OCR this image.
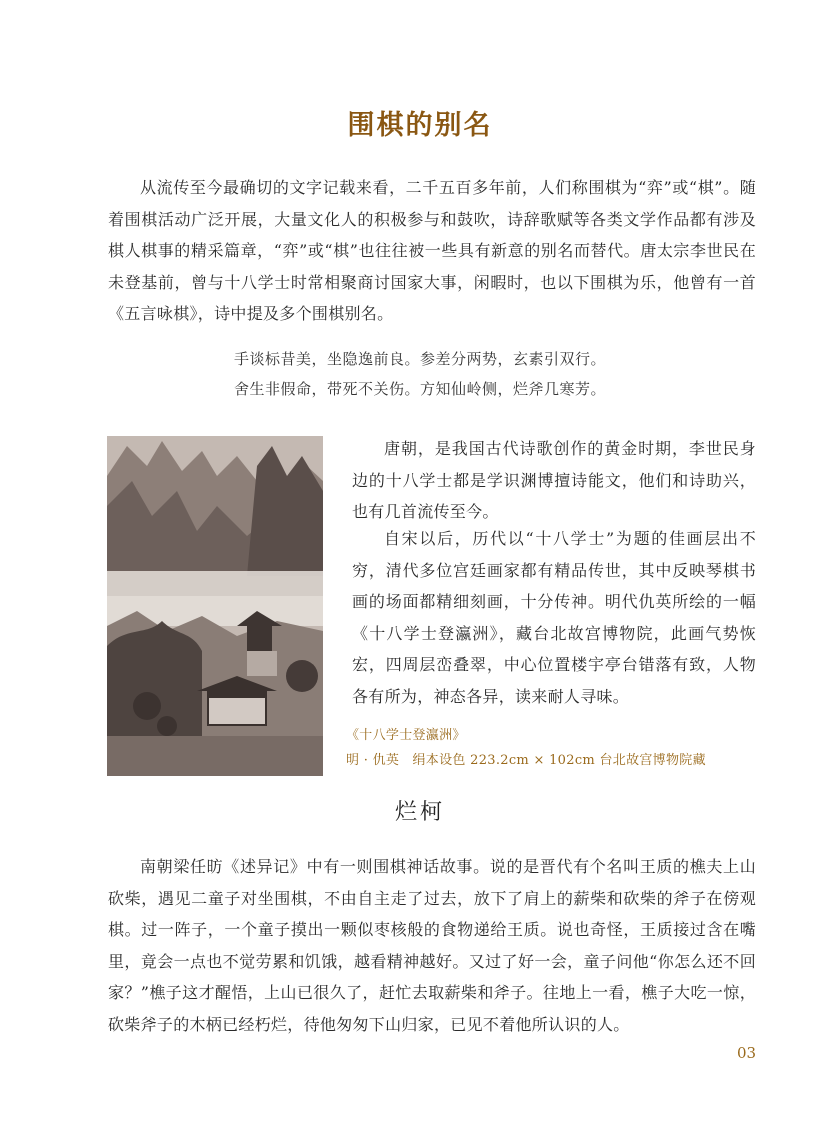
围棋的别名

从流传至今最确切的文字记载来看，二千五百多年前，人们称围棋为“弈”或“棋”。随着围棋活动广泛开展，大量文化人的积极参与和鼓吹，诗辞歌赋等各类文学作品都有涉及棋人棋事的精采篇章，“弈”或“棋”也往往被一些具有新意的别名而替代。唐太宗李世民在未登基前，曾与十八学士时常相聚商讨国家大事，闲暇时，也以下围棋为乐，他曾有一首《五言咏棋》，诗中提及多个围棋别名。

手谈标昔美，坐隐逸前良。参差分两势，玄素引双行。
舍生非假命，带死不关伤。方知仙岭侧，烂斧几寒芳。

唐朝，是我国古代诗歌创作的黄金时期，李世民身边的十八学士都是学识渊博擅诗能文，他们和诗助兴，也有几首流传至今。

自宋以后，历代以“十八学士”为题的佳画层出不穷，清代多位宫廷画家都有精品传世，其中反映琴棋书画的场面都精细刻画，十分传神。明代仇英所绘的一幅《十八学士登瀛洲》，藏台北故宫博物院，此画气势恢宏，四周层峦叠翠，中心位置楼宇亭台错落有致，人物各有所为，神态各异，读来耐人寻味。

《十八学士登瀛洲》
明 · 仇英　绢本设色 223.2cm × 102cm 台北故宫博物院藏
烂柯

南朝梁任昉《述异记》中有一则围棋神话故事。说的是晋代有个名叫王质的樵夫上山砍柴，遇见二童子对坐围棋，不由自主走了过去，放下了肩上的薪柴和砍柴的斧子在傍观棋。过一阵子，一个童子摸出一颗似枣核般的食物递给王质。说也奇怪，王质接过含在嘴里，竟会一点也不觉劳累和饥饿，越看精神越好。又过了好一会，童子问他“你怎么还不回家？”樵子这才醒悟，上山已很久了，赶忙去取薪柴和斧子。往地上一看，樵子大吃一惊，砍柴斧子的木柄已经朽烂，待他匆匆下山归家，已见不着他所认识的人。

03
